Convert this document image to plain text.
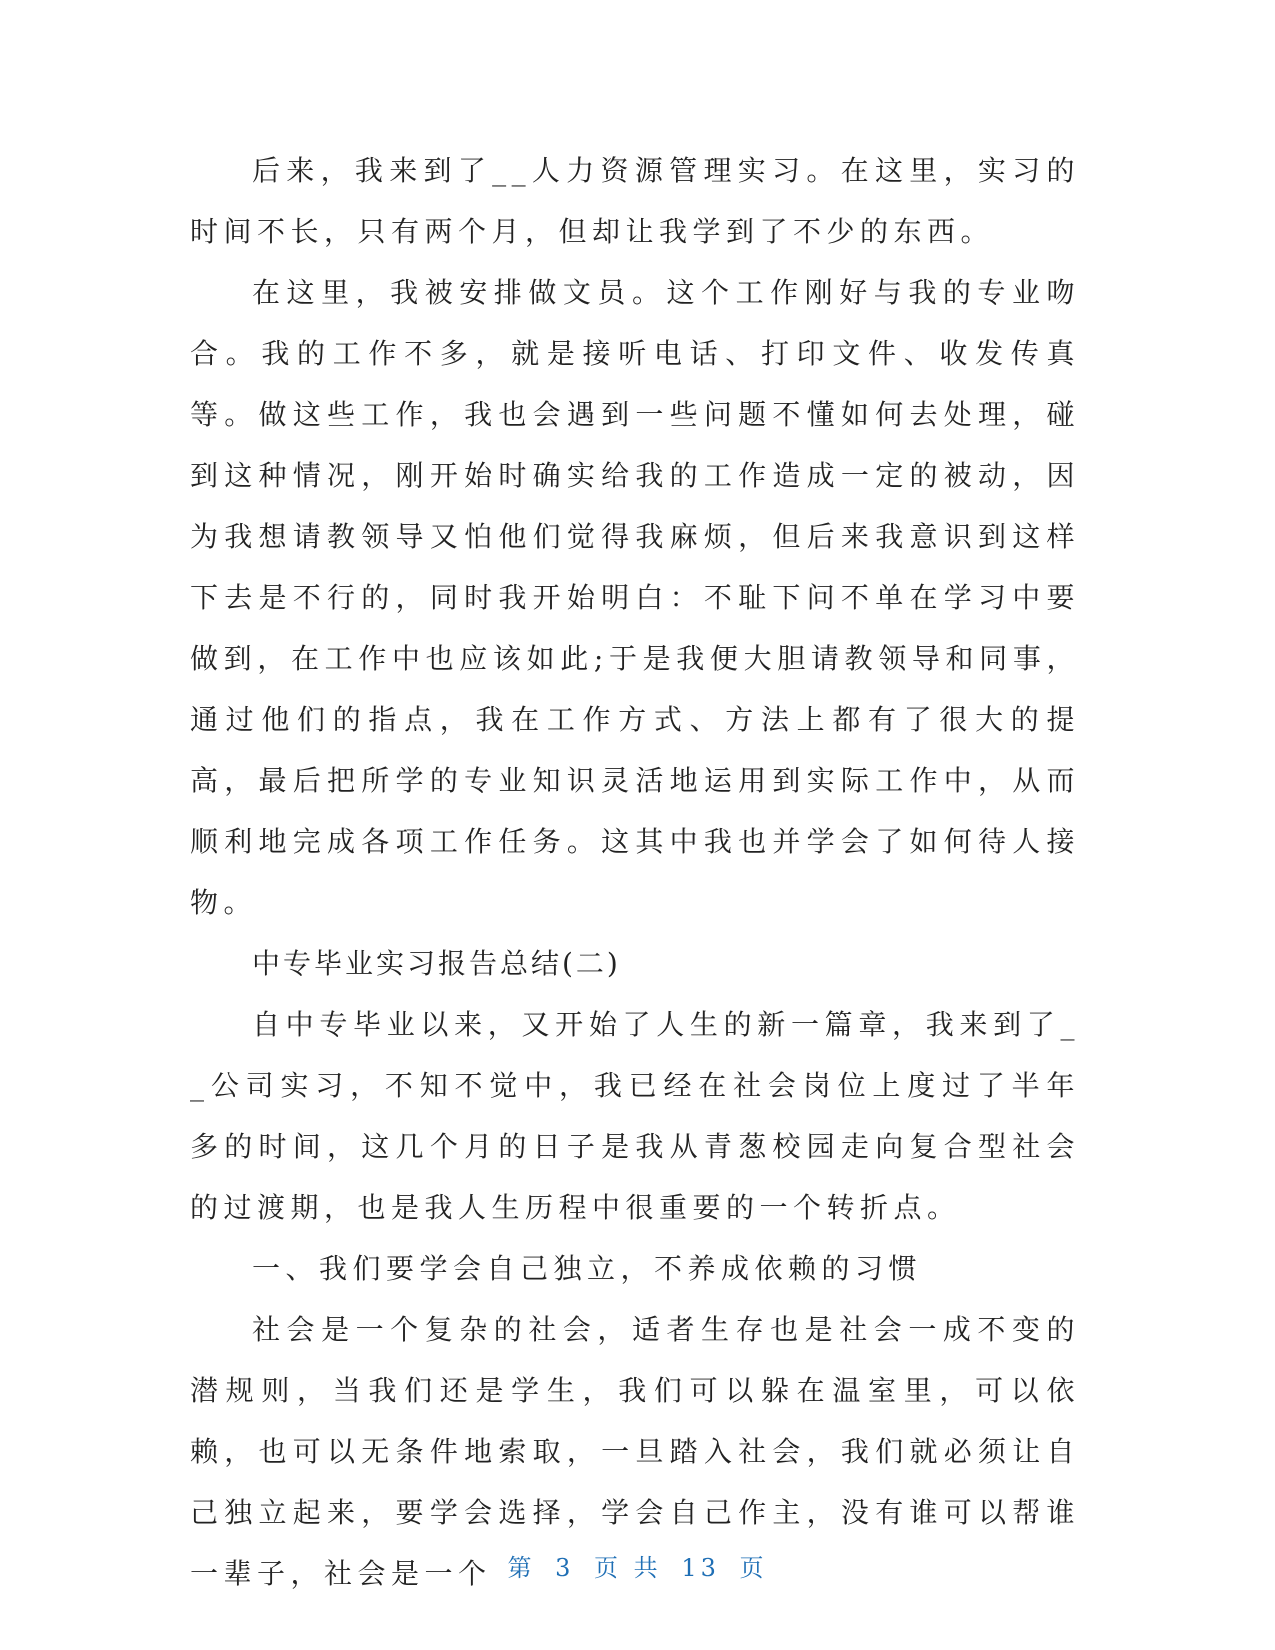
后来，我来到了__人力资源管理实习。在这里，实习的时间不长，只有两个月，但却让我学到了不少的东西。

在这里，我被安排做文员。这个工作刚好与我的专业吻合。我的工作不多，就是接听电话、打印文件、收发传真等。做这些工作，我也会遇到一些问题不懂如何去处理，碰到这种情况，刚开始时确实给我的工作造成一定的被动，因为我想请教领导又怕他们觉得我麻烦，但后来我意识到这样下去是不行的，同时我开始明白：不耻下问不单在学习中要做到，在工作中也应该如此;于是我便大胆请教领导和同事，通过他们的指点，我在工作方式、方法上都有了很大的提高，最后把所学的专业知识灵活地运用到实际工作中，从而顺利地完成各项工作任务。这其中我也并学会了如何待人接物。

中专毕业实习报告总结(二)

自中专毕业以来，又开始了人生的新一篇章，我来到了__公司实习，不知不觉中，我已经在社会岗位上度过了半年多的时间，这几个月的日子是我从青葱校园走向复合型社会的过渡期，也是我人生历程中很重要的一个转折点。

一、我们要学会自己独立，不养成依赖的习惯

社会是一个复杂的社会，适者生存也是社会一成不变的潜规则，当我们还是学生，我们可以躲在温室里，可以依赖，也可以无条件地索取，一旦踏入社会，我们就必须让自己独立起来，要学会选择，学会自己作主，没有谁可以帮谁一辈子，社会是一个 第 3 页 共 13 页
